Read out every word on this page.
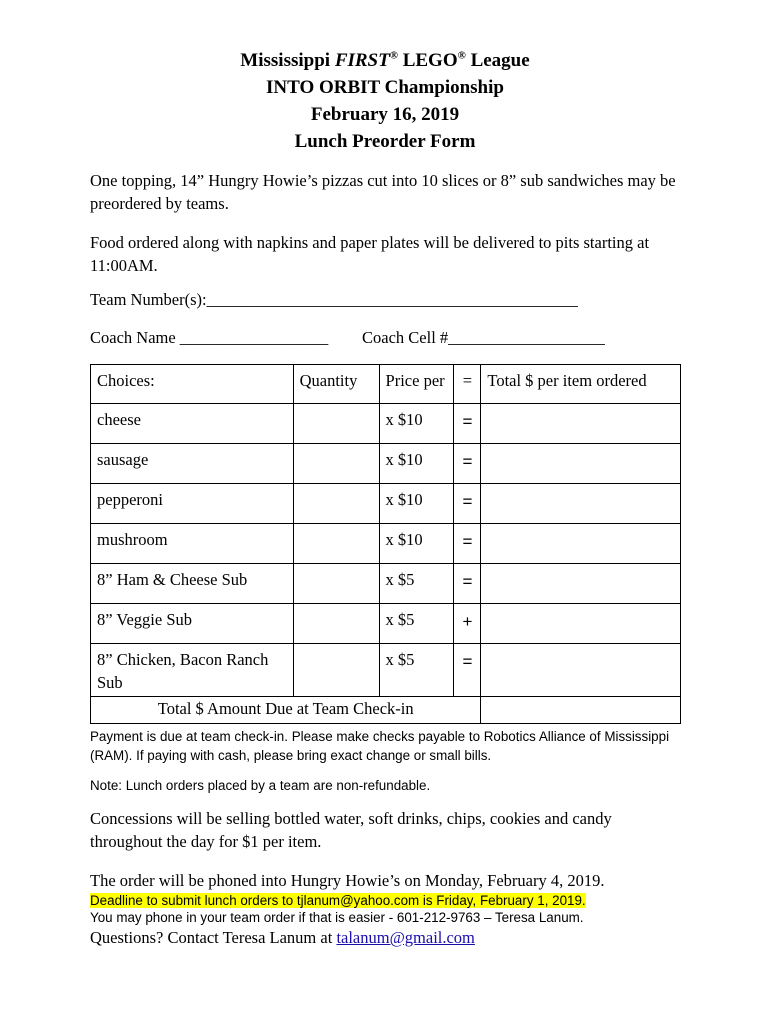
Mississippi FIRST® LEGO® League
INTO ORBIT Championship
February 16, 2019
Lunch Preorder Form
One topping, 14” Hungry Howie’s pizzas cut into 10 slices or 8” sub sandwiches may be preordered by teams.
Food ordered along with napkins and paper plates will be delivered to pits starting at 11:00AM.
Team Number(s):_____________________________________________
Coach Name __________________ Coach Cell #___________________
Choices:	Quantity	Price per	=	Total $ per item ordered
cheese		x $10	=	
sausage		x $10	=	
pepperoni		x $10	=	
mushroom		x $10	=	
8” Ham & Cheese Sub		x $5	=	
8” Veggie Sub		x $5	+	
8” Chicken, Bacon Ranch Sub		x $5	=	
Total $ Amount Due at Team Check-in				
Payment is due at team check-in. Please make checks payable to Robotics Alliance of Mississippi (RAM). If paying with cash, please bring exact change or small bills.
Note: Lunch orders placed by a team are non-refundable.
Concessions will be selling bottled water, soft drinks, chips, cookies and candy throughout the day for $1 per item.
The order will be phoned into Hungry Howie’s on Monday, February 4, 2019.
Deadline to submit lunch orders to tjlanum@yahoo.com is Friday, February 1, 2019.
You may phone in your team order if that is easier - 601-212-9763 – Teresa Lanum.
Questions? Contact Teresa Lanum at talanum@gmail.com
